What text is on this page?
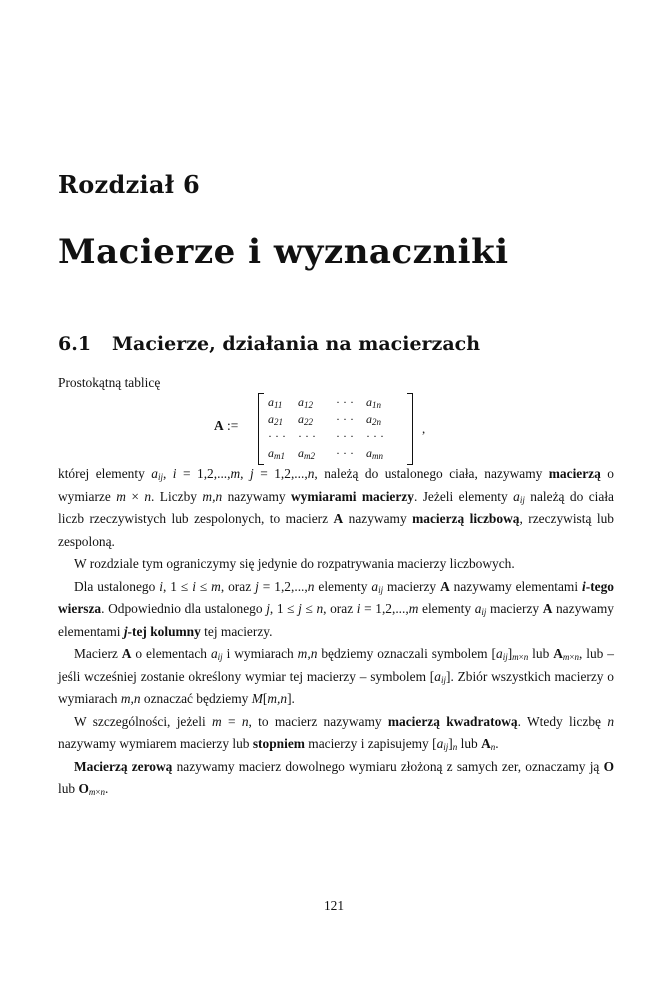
Rozdział 6
Macierze i wyznaczniki
6.1 Macierze, działania na macierzach

Prostokątną tablicę

A :=
$a_{11}$	$a_{12}$	· · ·	$a_{1n}$
$a_{21}$	$a_{22}$	· · ·	$a_{2n}$
· · ·	· · ·	· · ·	· · ·
$a_{m1}$	$a_{m2}$	· · ·	$a_{mn}$
,

której elementy $a_{ij}$, i = 1,2,...,m, j = 1,2,...,n, należą do ustalonego ciała, nazywamy macierzą o wymiarze m × n. Liczby m,n nazywamy wymiarami macierzy. Jeżeli elementy $a_{ij}$ należą do ciała liczb rzeczywistych lub zespolonych, to macierz A nazywamy macierzą liczbową, rzeczywistą lub zespoloną.

W rozdziale tym ograniczymy się jedynie do rozpatrywania macierzy liczbowych.

Dla ustalonego i, 1 ≤ i ≤ m, oraz j = 1,2,...,n elementy $a_{ij}$ macierzy A nazywamy elementami i-tego wiersza. Odpowiednio dla ustalonego j, 1 ≤ j ≤ n, oraz i = 1,2,...,m elementy $a_{ij}$ macierzy A nazywamy elementami j-tej kolumny tej macierzy.

Macierz A o elementach $a_{ij}$ i wymiarach m,n będziemy oznaczali symbolem $[a_{ij}]_{m\times n}$ lub $A_{m\times n}$, lub – jeśli wcześniej zostanie określony wymiar tej macierzy – symbolem $[a_{ij}]$. Zbiór wszystkich macierzy o wymiarach m,n oznaczać będziemy M[m,n].

W szczególności, jeżeli m = n, to macierz nazywamy macierzą kwadratową. Wtedy liczbę n nazywamy wymiarem macierzy lub stopniem macierzy i zapisujemy $[a_{ij}]_n$ lub $A_n$.

Macierzą zerową nazywamy macierz dowolnego wymiaru złożoną z samych zer, oznaczamy ją O lub $O_{m\times n}$.

121
